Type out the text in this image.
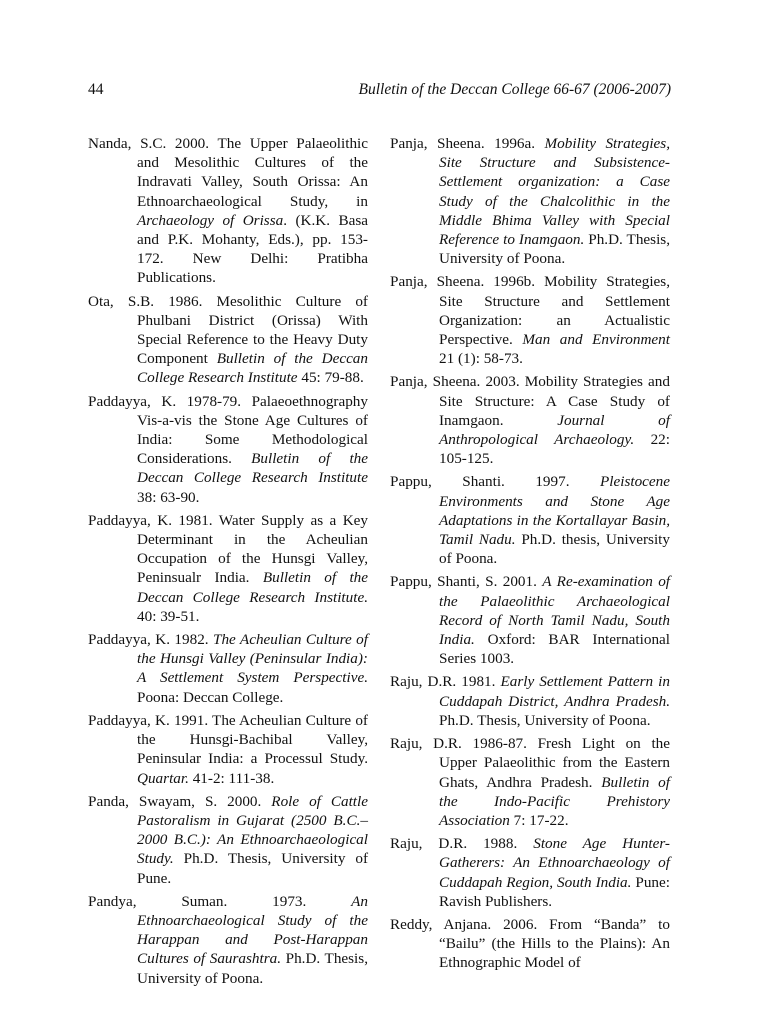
44	Bulletin of the Deccan College 66-67 (2006-2007)

Nanda, S.C. 2000. The Upper Palaeolithic and Mesolithic Cultures of the Indravati Valley, South Orissa: An Ethnoarchaeological Study, in Archaeology of Orissa. (K.K. Basa and P.K. Mohanty, Eds.), pp. 153-172. New Delhi: Pratibha Publications.

Ota, S.B. 1986. Mesolithic Culture of Phulbani District (Orissa) With Special Reference to the Heavy Duty Component Bulletin of the Deccan College Research Institute 45: 79-88.

Paddayya, K. 1978-79. Palaeoethnography Vis-a-vis the Stone Age Cultures of India: Some Methodological Considerations. Bulletin of the Deccan College Research Institute 38: 63-90.

Paddayya, K. 1981. Water Supply as a Key Determinant in the Acheulian Occupation of the Hunsgi Valley, Peninsualr India. Bulletin of the Deccan College Research Institute. 40: 39-51.

Paddayya, K. 1982. The Acheulian Culture of the Hunsgi Valley (Peninsular India): A Settlement System Perspective. Poona: Deccan College.

Paddayya, K. 1991. The Acheulian Culture of the Hunsgi-Bachibal Valley, Peninsular India: a Processul Study. Quartar. 41-2: 111-38.

Panda, Swayam, S. 2000. Role of Cattle Pastoralism in Gujarat (2500 B.C.–2000 B.C.): An Ethnoarchaeological Study. Ph.D. Thesis, University of Pune.

Pandya, Suman. 1973. An Ethnoarchaeological Study of the Harappan and Post-Harappan Cultures of Saurashtra. Ph.D. Thesis, University of Poona.

Panja, Sheena. 1996a. Mobility Strategies, Site Structure and Subsistence-Settlement organization: a Case Study of the Chalcolithic in the Middle Bhima Valley with Special Reference to Inamgaon. Ph.D. Thesis, University of Poona.

Panja, Sheena. 1996b. Mobility Strategies, Site Structure and Settlement Organization: an Actualistic Perspective. Man and Environment 21 (1): 58-73.

Panja, Sheena. 2003. Mobility Strategies and Site Structure: A Case Study of Inamgaon. Journal of Anthropological Archaeology. 22: 105-125.

Pappu, Shanti. 1997. Pleistocene Environments and Stone Age Adaptations in the Kortallayar Basin, Tamil Nadu. Ph.D. thesis, University of Poona.

Pappu, Shanti, S. 2001. A Re-examination of the Palaeolithic Archaeological Record of North Tamil Nadu, South India. Oxford: BAR International Series 1003.

Raju, D.R. 1981. Early Settlement Pattern in Cuddapah District, Andhra Pradesh. Ph.D. Thesis, University of Poona.

Raju, D.R. 1986-87. Fresh Light on the Upper Palaeolithic from the Eastern Ghats, Andhra Pradesh. Bulletin of the Indo-Pacific Prehistory Association 7: 17-22.

Raju, D.R. 1988. Stone Age Hunter-Gatherers: An Ethnoarchaeology of Cuddapah Region, South India. Pune: Ravish Publishers.

Reddy, Anjana. 2006. From “Banda” to “Bailu” (the Hills to the Plains): An Ethnographic Model of
